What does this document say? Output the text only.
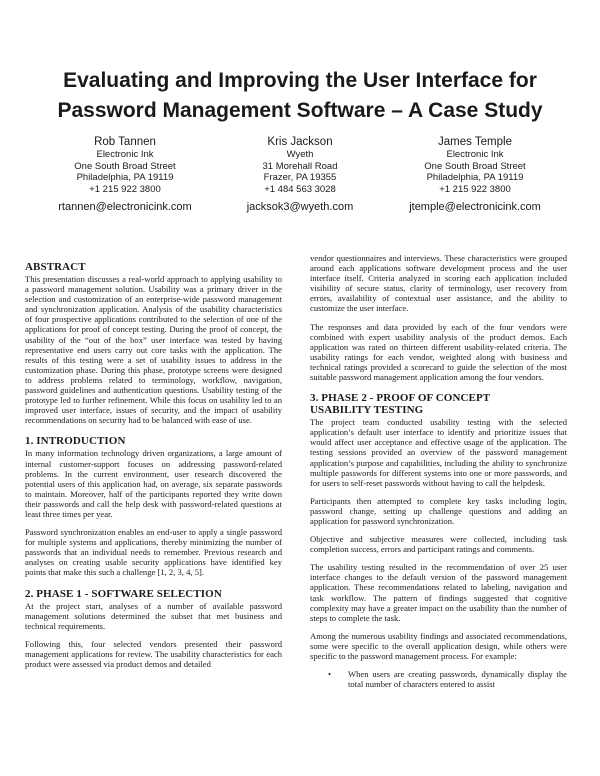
Evaluating and Improving the User Interface for
Password Management Software – A Case Study
Rob Tannen
Electronic Ink
One South Broad Street
Philadelphia, PA 19119
+1 215 922 3800
rtannen@electronicink.com
Kris Jackson
Wyeth
31 Morehall Road
Frazer, PA 19355
+1 484 563 3028
jacksok3@wyeth.com
James Temple
Electronic Ink
One South Broad Street
Philadelphia, PA 19119
+1 215 922 3800
jtemple@electronicink.com
ABSTRACT

This presentation discusses a real-world approach to applying usability to a password management solution. Usability was a primary driver in the selection and customization of an enterprise-wide password management and synchronization application. Analysis of the usability characteristics of four prospective applications contributed to the selection of one of the applications for proof of concept testing. During the proof of concept, the usability of the “out of the box” user interface was tested by having representative end users carry out core tasks with the application. The results of this testing were a set of usability issues to address in the customization phase. During this phase, prototype screens were designed to address problems related to terminology, workflow, navigation, password guidelines and authentication questions. Usability testing of the prototype led to further refinement. While this focus on usability led to an improved user interface, issues of security, and the impact of usability recommendations on security had to be balanced with ease of use.

1. INTRODUCTION

In many information technology driven organizations, a large amount of internal customer-support focuses on addressing password-related problems. In the current environment, user research discovered the potential users of this application had, on average, six separate passwords to maintain. Moreover, half of the participants reported they write down their passwords and call the help desk with password-related questions at least three times per year.

Password synchronization enables an end-user to apply a single password for multiple systems and applications, thereby minimizing the number of passwords that an individual needs to remember. Previous research and analyses on creating usable security applications have identified key points that make this such a challenge [1, 2, 3, 4, 5].

2. PHASE 1 - SOFTWARE SELECTION

At the project start, analyses of a number of available password management solutions determined the subset that met business and technical requirements.

Following this, four selected vendors presented their password management applications for review. The usability characteristics for each product were assessed via product demos and detailed

vendor questionnaires and interviews. These characteristics were grouped around each applications software development process and the user interface itself. Criteria analyzed in scoring each application included visibility of secure status, clarity of terminology, user recovery from errors, availability of contextual user assistance, and the ability to customize the user interface.

The responses and data provided by each of the four vendors were combined with expert usability analysis of the product demos. Each application was rated on thirteen different usability-related criteria. The usability ratings for each vendor, weighted along with business and technical ratings provided a scorecard to guide the selection of the most suitable password management application among the four vendors.

3. PHASE 2 - PROOF OF CONCEPT
USABILITY TESTING

The project team conducted usability testing with the selected application’s default user interface to identify and prioritize issues that would affect user acceptance and effective usage of the application. The testing sessions provided an overview of the password management application’s purpose and capabilities, including the ability to synchronize multiple passwords for different systems into one or more passwords, and for users to self-reset passwords without having to call the helpdesk.

Participants then attempted to complete key tasks including login, password change, setting up challenge questions and adding an application for password synchronization.

Objective and subjective measures were collected, including task completion success, errors and participant ratings and comments.

The usability testing resulted in the recommendation of over 25 user interface changes to the default version of the password management application. These recommendations related to labeling, navigation and task workflow. The pattern of findings suggested that cognitive complexity may have a greater impact on the usability than the number of steps to complete the task.

Among the numerous usability findings and associated recommendations, some were specific to the overall application design, while others were specific to the password management process. For example:

•	When users are creating passwords, dynamically display the total number of characters entered to assist
